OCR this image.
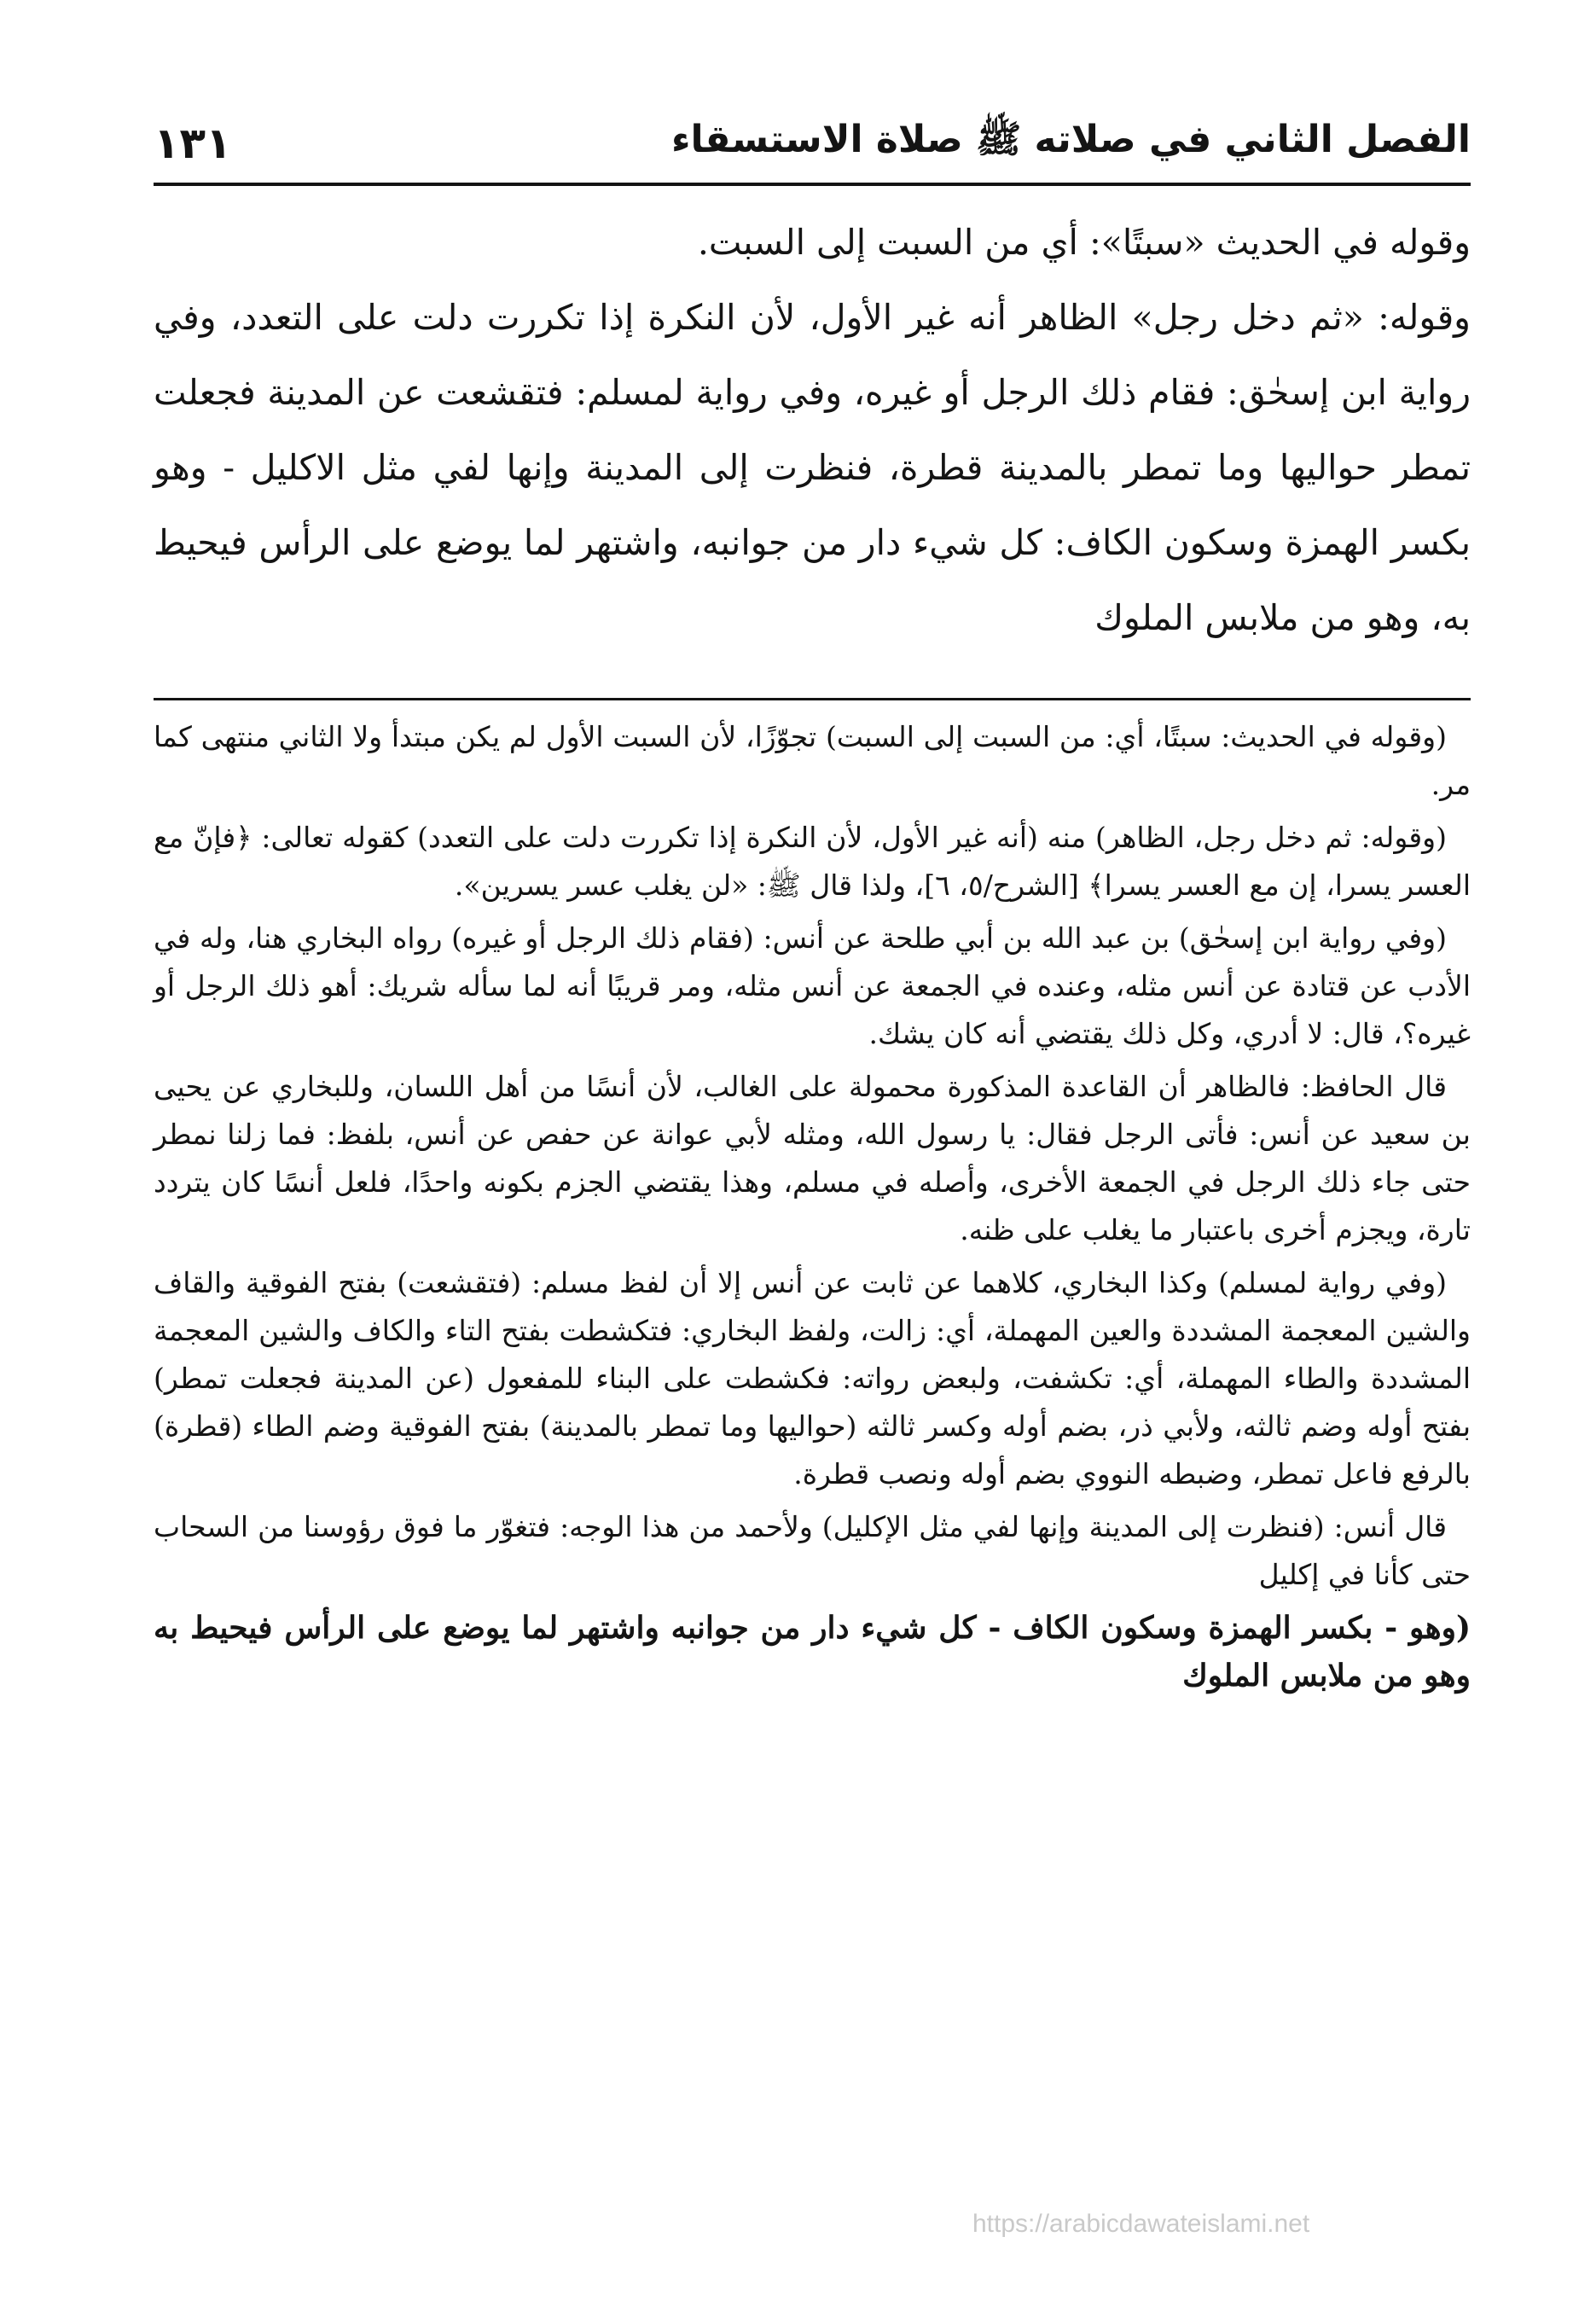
الفصل الثاني في صلاته ﷺ صلاة الاستسقاء
١٣١

وقوله في الحديث «سبتًا»: أي من السبت إلى السبت.

وقوله: «ثم دخل رجل» الظاهر أنه غير الأول، لأن النكرة إذا تكررت دلت على التعدد، وفي رواية ابن إسحٰق: فقام ذلك الرجل أو غيره، وفي رواية لمسلم: فتقشعت عن المدينة فجعلت تمطر حواليها وما تمطر بالمدينة قطرة، فنظرت إلى المدينة وإنها لفي مثل الاكليل - وهو بكسر الهمزة وسكون الكاف: كل شيء دار من جوانبه، واشتهر لما يوضع على الرأس فيحيط به، وهو من ملابس الملوك

(وقوله في الحديث: سبتًا، أي: من السبت إلى السبت) تجوّزًا، لأن السبت الأول لم يكن مبتدأ ولا الثاني منتهى كما مر.

(وقوله: ثم دخل رجل، الظاهر) منه (أنه غير الأول، لأن النكرة إذا تكررت دلت على التعدد) كقوله تعالى: ﴿فإنّ مع العسر يسرا، إن مع العسر يسرا﴾ [الشرح/٥، ٦]، ولذا قال ﷺ: «لن يغلب عسر يسرين».

(وفي رواية ابن إسحٰق) بن عبد الله بن أبي طلحة عن أنس: (فقام ذلك الرجل أو غيره) رواه البخاري هنا، وله في الأدب عن قتادة عن أنس مثله، وعنده في الجمعة عن أنس مثله، ومر قريبًا أنه لما سأله شريك: أهو ذلك الرجل أو غيره؟، قال: لا أدري، وكل ذلك يقتضي أنه كان يشك.

قال الحافظ: فالظاهر أن القاعدة المذكورة محمولة على الغالب، لأن أنسًا من أهل اللسان، وللبخاري عن يحيى بن سعيد عن أنس: فأتى الرجل فقال: يا رسول الله، ومثله لأبي عوانة عن حفص عن أنس، بلفظ: فما زلنا نمطر حتى جاء ذلك الرجل في الجمعة الأخرى، وأصله في مسلم، وهذا يقتضي الجزم بكونه واحدًا، فلعل أنسًا كان يتردد تارة، ويجزم أخرى باعتبار ما يغلب على ظنه.

(وفي رواية لمسلم) وكذا البخاري، كلاهما عن ثابت عن أنس إلا أن لفظ مسلم: (فتقشعت) بفتح الفوقية والقاف والشين المعجمة المشددة والعين المهملة، أي: زالت، ولفظ البخاري: فتكشطت بفتح التاء والكاف والشين المعجمة المشددة والطاء المهملة، أي: تكشفت، ولبعض رواته: فكشطت على البناء للمفعول (عن المدينة فجعلت تمطر) بفتح أوله وضم ثالثه، ولأبي ذر، بضم أوله وكسر ثالثه (حواليها وما تمطر بالمدينة) بفتح الفوقية وضم الطاء (قطرة) بالرفع فاعل تمطر، وضبطه النووي بضم أوله ونصب قطرة.

قال أنس: (فنظرت إلى المدينة وإنها لفي مثل الإكليل) ولأحمد من هذا الوجه: فتغوّر ما فوق رؤوسنا من السحاب حتى كأنا في إكليل

(وهو - بكسر الهمزة وسكون الكاف - كل شيء دار من جوانبه واشتهر لما يوضع على الرأس فيحيط به وهو من ملابس الملوك

https://arabicdawateislami.net
